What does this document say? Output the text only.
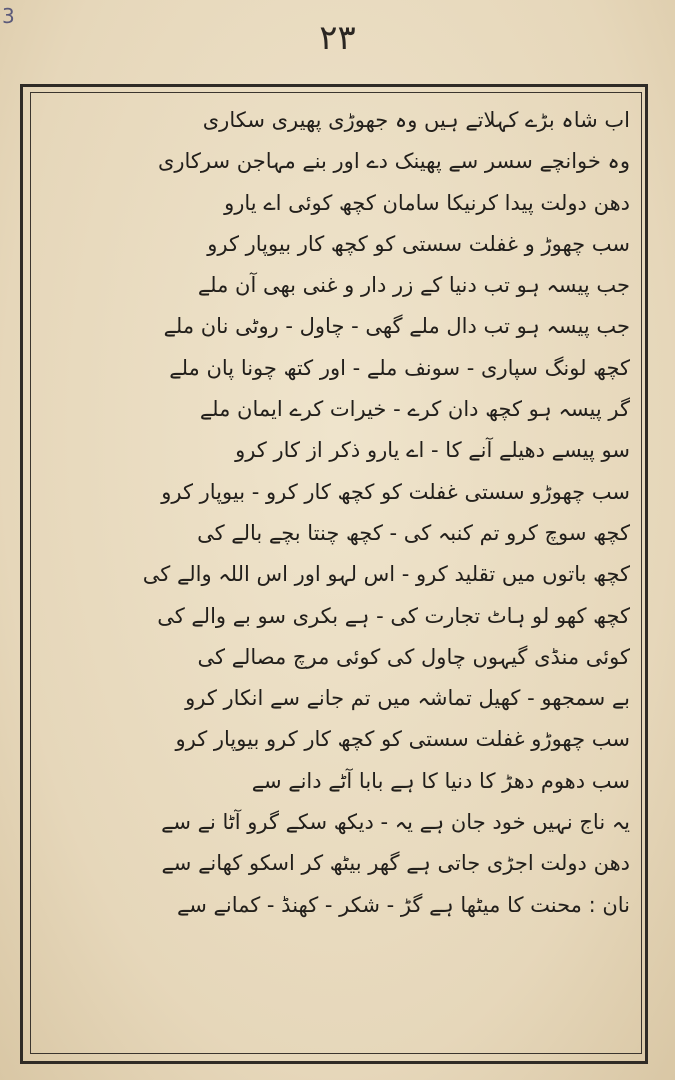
3
۲۳
اب شاہ بڑے کہلاتے ہیں وہ جھوڑی پھیری سکاری
وہ خوانچے سسر سے پھینک دے اور بنے مہاجن سرکاری
دھن دولت پیدا کرنیکا سامان کچھ کوئی اے یارو
سب چھوڑ و غفلت سستی کو کچھ کار بیوپار کرو
جب پیسہ ہو تب دنیا کے زر دار و غنی بھی آن ملے
جب پیسہ ہو تب دال ملے گھی - چاول - روٹی نان ملے
کچھ لونگ سپاری - سونف ملے - اور کتھ چونا پان ملے
گر پیسہ ہو کچھ دان کرے - خیرات کرے ایمان ملے
سو پیسے دھیلے آنے کا - اے یارو ذکر از کار کرو
سب چھوڑو سستی غفلت کو کچھ کار کرو - بیوپار کرو
کچھ سوچ کرو تم کنبہ کی - کچھ چنتا بچے بالے کی
کچھ باتوں میں تقلید کرو - اس لہو اور اس اللہ والے کی
کچھ کھو لو ہاٹ تجارت کی - ہے بکری سو بے والے کی
کوئی منڈی گیہوں چاول کی کوئی مرچ مصالے کی
بے سمجھو - کھیل تماشہ میں تم جانے سے انکار کرو
سب چھوڑو غفلت سستی کو کچھ کار کرو بیوپار کرو
سب دھوم دھڑ کا دنیا کا ہے بابا آٹے دانے سے
یہ ناج نہیں خود جان ہے یہ - دیکھ سکے گرو آٹا نے سے
دھن دولت اجڑی جاتی ہے گھر بیٹھ کر اسکو کھانے سے
نان : محنت کا میٹھا ہے گڑ - شکر - کھنڈ - کمانے سے
